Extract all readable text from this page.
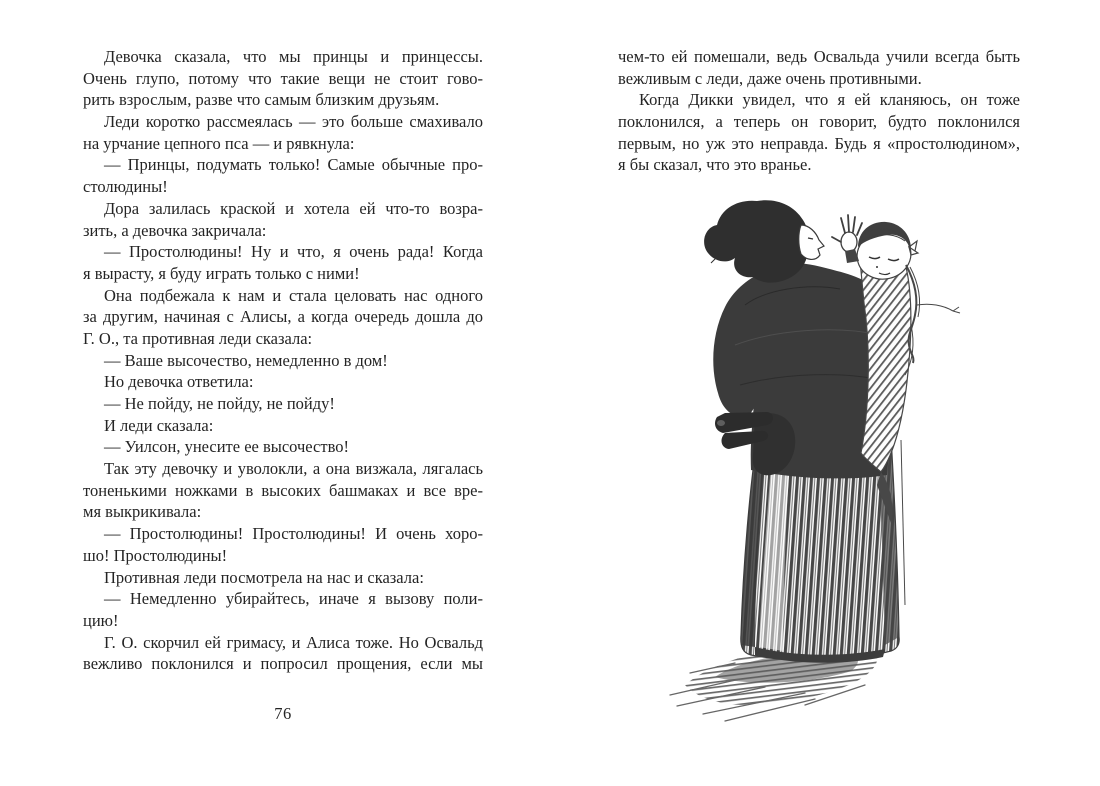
Девочка сказала, что мы принцы и принцессы.
Очень глупо, потому что такие вещи не стоит гово-
рить взрослым, разве что самым близким друзьям.
Леди коротко рассмеялась — это больше смахивало
на урчание цепного пса — и рявкнула:
— Принцы, подумать только! Самые обычные про-
столюдины!
Дора залилась краской и хотела ей что-то возра-
зить, а девочка закричала:
— Простолюдины! Ну и что, я очень рада! Когда
я вырасту, я буду играть только с ними!
Она подбежала к нам и стала целовать нас одного
за другим, начиная с Алисы, а когда очередь дошла до
Г. О., та противная леди сказала:
— Ваше высочество, немедленно в дом!
Но девочка ответила:
— Не пойду, не пойду, не пойду!
И леди сказала:
— Уилсон, унесите ее высочество!
Так эту девочку и уволокли, а она визжала, лягалась
тоненькими ножками в высоких башмаках и все вре-
мя выкрикивала:
— Простолюдины! Простолюдины! И очень хоро-
шо! Простолюдины!
Противная леди посмотрела на нас и сказала:
— Немедленно убирайтесь, иначе я вызову поли-
цию!
Г. О. скорчил ей гримасу, и Алиса тоже. Но Освальд
вежливо поклонился и попросил прощения, если мы
76
чем-то ей помешали, ведь Освальда учили всегда быть
вежливым с леди, даже очень противными.
Когда Дикки увидел, что я ей кланяюсь, он тоже
поклонился, а теперь он говорит, будто поклонился
первым, но уж это неправда. Будь я «простолюдином»,
я бы сказал, что это вранье.
